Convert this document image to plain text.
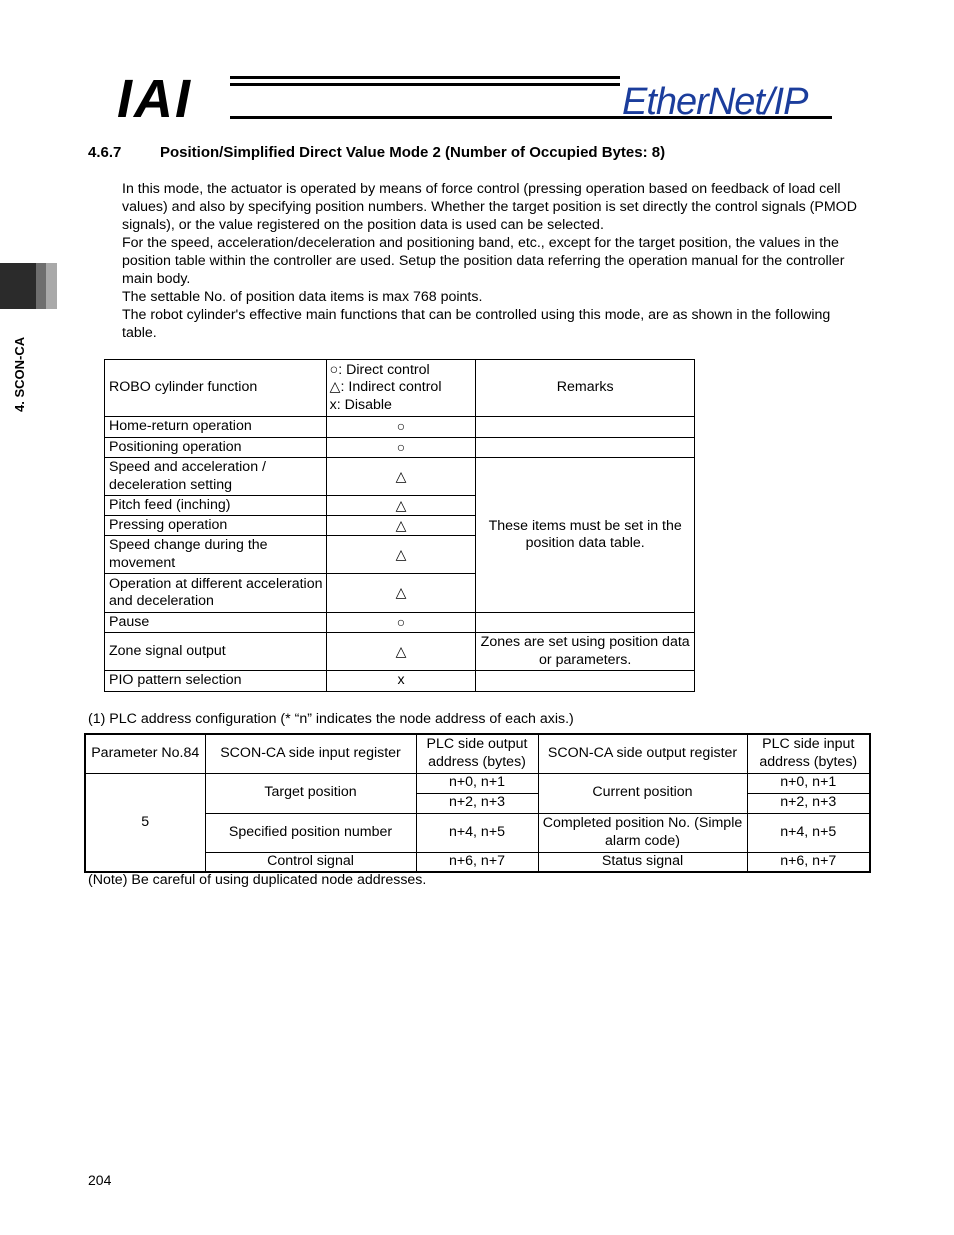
IAI	EtherNet/IP
4. SCON-CA
4.6.7	Position/Simplified Direct Value Mode 2 (Number of Occupied Bytes: 8)

In this mode, the actuator is operated by means of force control (pressing operation based on feedback of load cell values) and also by specifying position numbers. Whether the target position is set directly the control signals (PMOD signals), or the value registered on the position data is used can be selected.

For the speed, acceleration/deceleration and positioning band, etc., except for the target position, the values in the position table within the controller are used. Setup the position data referring the operation manual for the controller main body.

The settable No. of position data items is max 768 points.

The robot cylinder's effective main functions that can be controlled using this mode, are as shown in the following table.

ROBO cylinder function	○: Direct control
△: Indirect control
x: Disable	Remarks
Home-return operation	○	
Positioning operation	○	
Speed and acceleration / deceleration setting	△	These items must be set in the position data table.
Pitch feed (inching)	△	
Pressing operation	△	
Speed change during the movement	△	
Operation at different acceleration and deceleration	△	
Pause	○	
Zone signal output	△	Zones are set using position data or parameters.
PIO pattern selection	x	
(1) PLC address configuration (* “n” indicates the node address of each axis.)
Parameter No.84	SCON-CA side input register	PLC side output address (bytes)	SCON-CA side output register	PLC side input address (bytes)
5	Target position	n+0, n+1	Current position	n+0, n+1
		n+2, n+3		n+2, n+3
	Specified position number	n+4, n+5	Completed position No. (Simple alarm code)	n+4, n+5
	Control signal	n+6, n+7	Status signal	n+6, n+7
(Note) Be careful of using duplicated node addresses.
204
